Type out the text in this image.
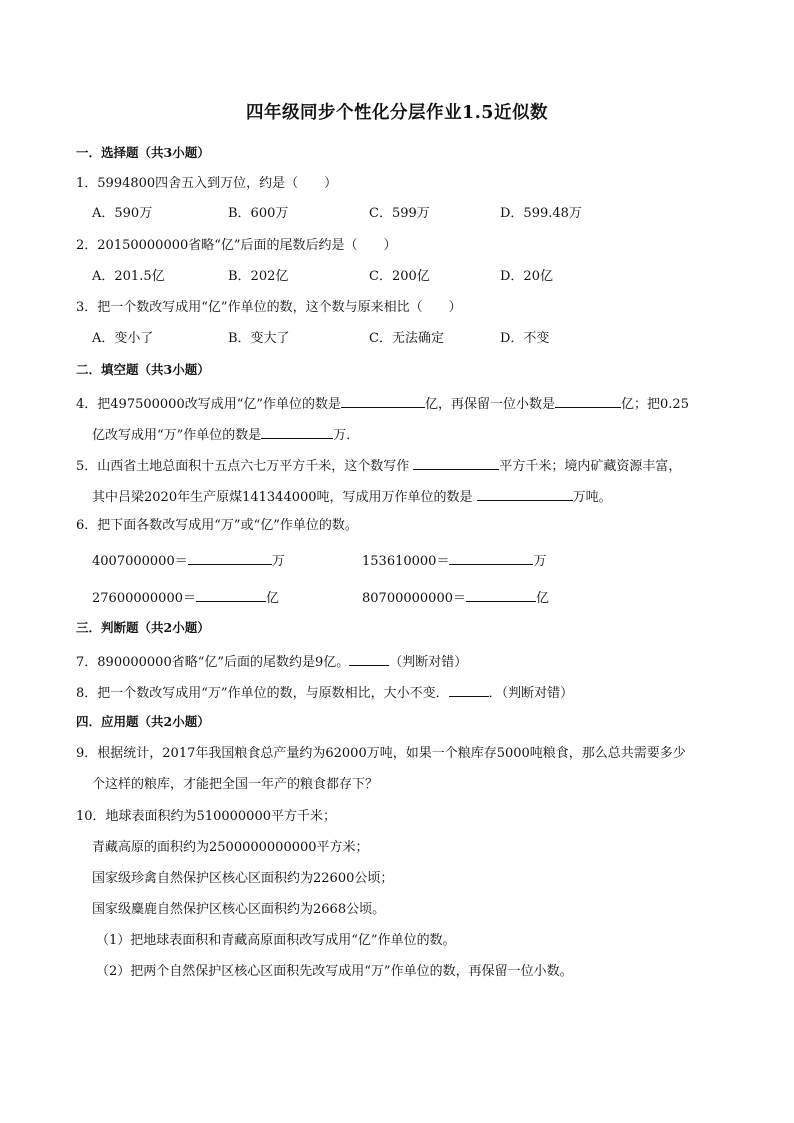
四年级同步个性化分层作业1.5近似数
一．选择题（共3小题）
1．5994800四舍五入到万位，约是（　　）
A．590万	B．600万	C．599万	D．599.48万
2．20150000000省略“亿”后面的尾数后约是（　　）
A．201.5亿	B．202亿	C．200亿	D．20亿
3．把一个数改写成用“亿”作单位的数，这个数与原来相比（　　）
A．变小了	B．变大了	C．无法确定	D．不变
二．填空题（共3小题）
4．把497500000改写成用“亿”作单位的数是	亿，再保留一位小数是	亿；把0.25
亿改写成用“万”作单位的数是	万．
5．山西省土地总面积十五点六七万平方千米，这个数写作	平方千米；境内矿藏资源丰富，
其中吕梁2020年生产原煤141344000吨，写成用万作单位的数是	万吨。
6．把下面各数改写成用“万”或“亿”作单位的数。
4007000000＝	万	153610000＝	万
27600000000＝	亿	80700000000＝	亿
三．判断题（共2小题）
7．890000000省略“亿”后面的尾数约是9亿。	（判断对错）
8．把一个数改写成用“万”作单位的数，与原数相比，大小不变．	．（判断对错）
四．应用题（共2小题）
9．根据统计，2017年我国粮食总产量约为62000万吨，如果一个粮库存5000吨粮食，那么总共需要多少
个这样的粮库，才能把全国一年产的粮食都存下？
10．地球表面积约为510000000平方千米；
青藏高原的面积约为2500000000000平方米；
国家级珍禽自然保护区核心区面积约为22600公顷；
国家级麋鹿自然保护区核心区面积约为2668公顷。
（1）把地球表面积和青藏高原面积改写成用“亿”作单位的数。
（2）把两个自然保护区核心区面积先改写成用“万”作单位的数，再保留一位小数。
